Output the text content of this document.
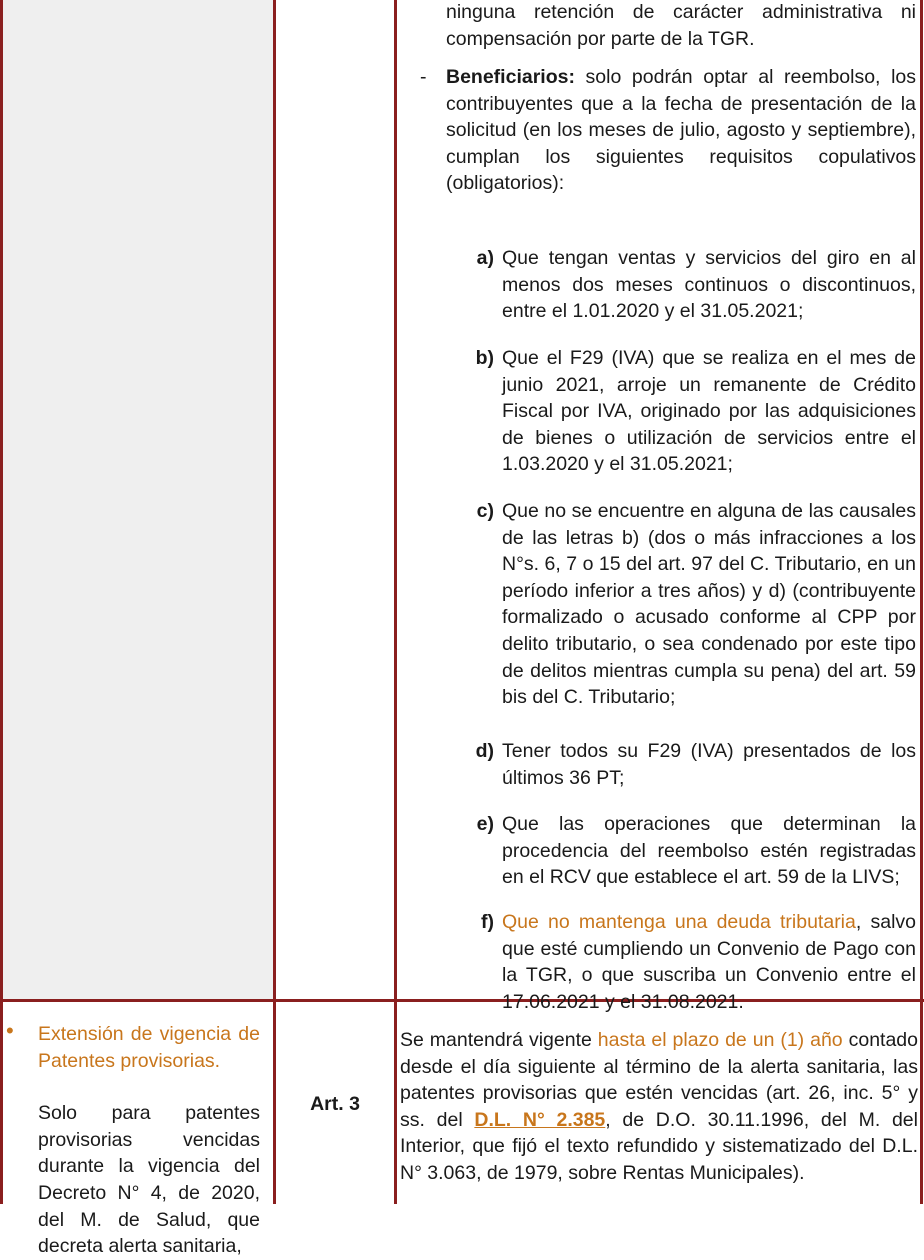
ninguna retención de carácter administrativa ni compensación por parte de la TGR.

-	Beneficiarios: solo podrán optar al reembolso, los contribuyentes que a la fecha de presentación de la solicitud (en los meses de julio, agosto y septiembre), cumplan los siguientes requisitos copulativos (obligatorios):

a) Que tengan ventas y servicios del giro en al menos dos meses continuos o discontinuos, entre el 1.01.2020 y el 31.05.2021;

b) Que el F29 (IVA) que se realiza en el mes de junio 2021, arroje un remanente de Crédito Fiscal por IVA, originado por las adquisiciones de bienes o utilización de servicios entre el 1.03.2020 y el 31.05.2021;

c) Que no se encuentre en alguna de las causales de las letras b) (dos o más infracciones a los N°s. 6, 7 o 15 del art. 97 del C. Tributario, en un período inferior a tres años) y d) (contribuyente formalizado o acusado conforme al CPP por delito tributario, o sea condenado por este tipo de delitos mientras cumpla su pena) del art. 59 bis del C. Tributario;

d) Tener todos su F29 (IVA) presentados de los últimos 36 PT;

e) Que las operaciones que determinan la procedencia del reembolso estén registradas en el RCV que establece el art. 59 de la LIVS;

f) Que no mantenga una deuda tributaria, salvo que esté cumpliendo un Convenio de Pago con la TGR, o que suscriba un Convenio entre el 17.06.2021 y el 31.08.2021.

• Extensión de vigencia de Patentes provisorias.

Solo para patentes provisorias vencidas durante la vigencia del Decreto N° 4, de 2020, del M. de Salud, que decreta alerta sanitaria,

Art. 3

Se mantendrá vigente hasta el plazo de un (1) año contado desde el día siguiente al término de la alerta sanitaria, las patentes provisorias que estén vencidas (art. 26, inc. 5° y ss. del D.L. N° 2.385, de D.O. 30.11.1996, del M. del Interior, que fijó el texto refundido y sistematizado del D.L. N° 3.063, de 1979, sobre Rentas Municipales).
